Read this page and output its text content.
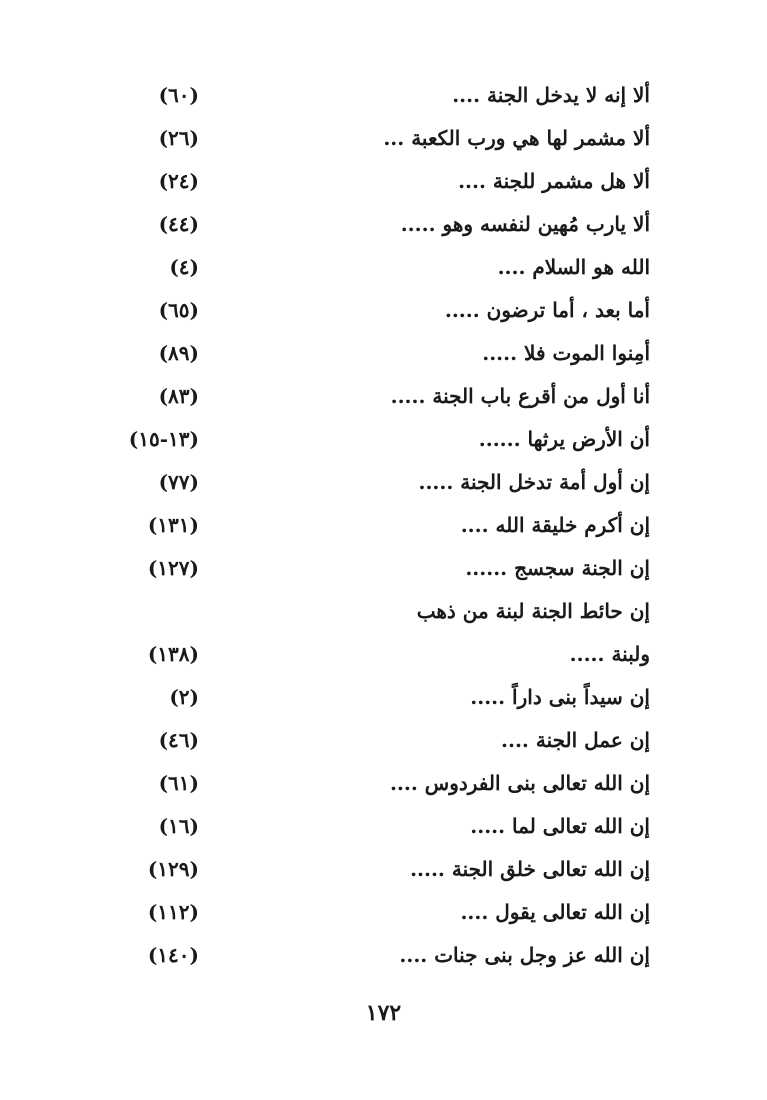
ألا إنه لا يدخل الجنة ....
(٦٠)
ألا مشمر لها هي ورب الكعبة ...
(٢٦)
ألا هل مشمر للجنة ....
(٢٤)
ألا يارب مُهين لنفسه وهو .....
(٤٤)
الله هو السلام ....
(٤)
أما بعد ، أما ترضون .....
(٦٥)
أمِنوا الموت فلا .....
(٨٩)
أنا أول من أقرع باب الجنة .....
(٨٣)
أن الأرض يرثها ......
(١٣-١٥)
إن أول أمة تدخل الجنة .....
(٧٧)
إن أكرم خليقة الله ....
(١٣١)
إن الجنة سجسج ......
(١٢٧)
إن حائط الجنة لبنة من ذهب
ولبنة .....
(١٣٨)
إن سيداً بنى داراً .....
(٢)
إن عمل الجنة ....
(٤٦)
إن الله تعالى بنى الفردوس ....
(٦١)
إن الله تعالى لما .....
(١٦)
إن الله تعالى خلق الجنة .....
(١٢٩)
إن الله تعالى يقول ....
(١١٢)
إن الله عز وجل بنى جنات ....
(١٤٠)
١٧٢
